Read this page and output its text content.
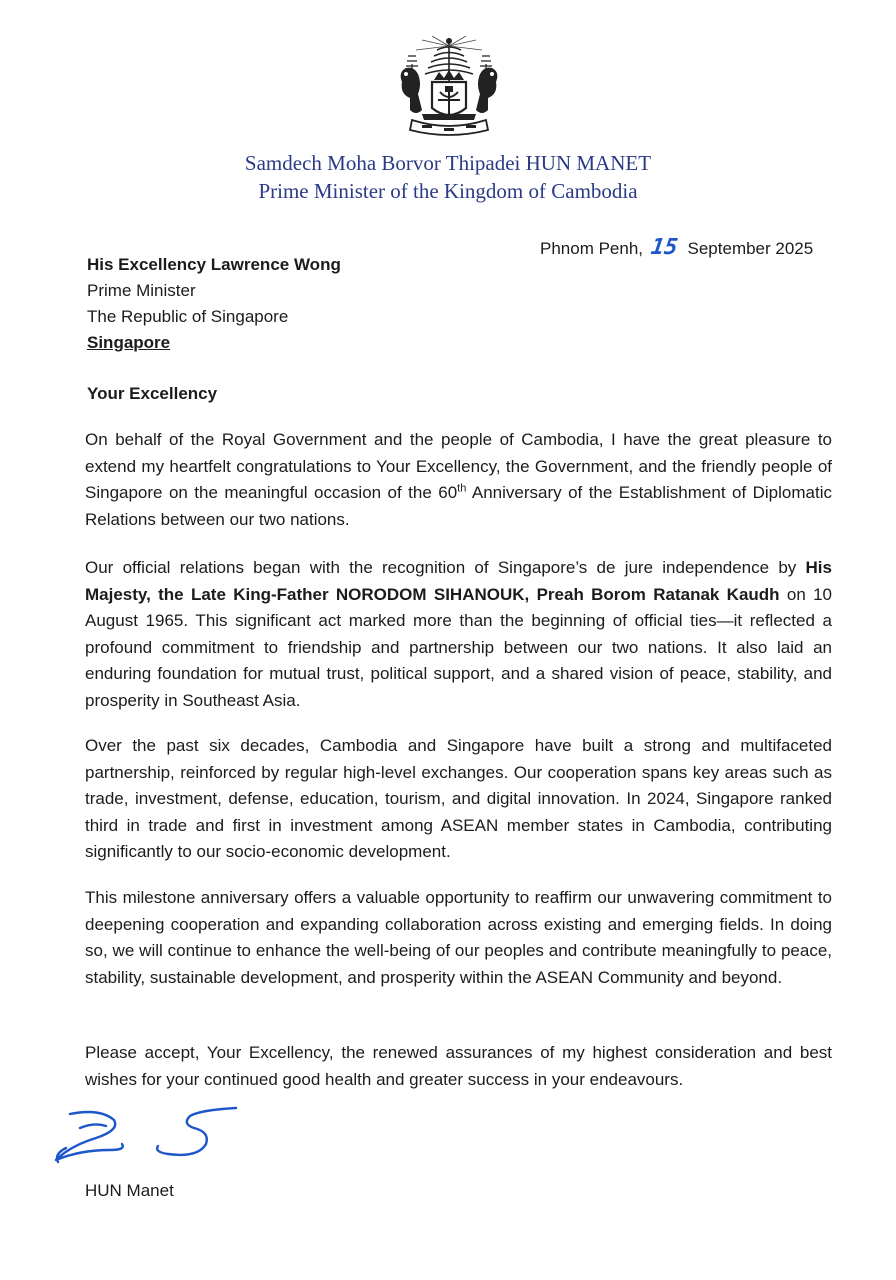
Samdech Moha Borvor Thipadei HUN MANET
Prime Minister of the Kingdom of Cambodia
Phnom Penh, 15 September 2025
His Excellency Lawrence Wong
Prime Minister
The Republic of Singapore
Singapore
Your Excellency

On behalf of the Royal Government and the people of Cambodia, I have the great pleasure to extend my heartfelt congratulations to Your Excellency, the Government, and the friendly people of Singapore on the meaningful occasion of the 60th Anniversary of the Establishment of Diplomatic Relations between our two nations.

Our official relations began with the recognition of Singapore’s de jure independence by His Majesty, the Late King-Father NORODOM SIHANOUK, Preah Borom Ratanak Kaudh on 10 August 1965. This significant act marked more than the beginning of official ties—it reflected a profound commitment to friendship and partnership between our two nations. It also laid an enduring foundation for mutual trust, political support, and a shared vision of peace, stability, and prosperity in Southeast Asia.

Over the past six decades, Cambodia and Singapore have built a strong and multifaceted partnership, reinforced by regular high-level exchanges. Our cooperation spans key areas such as trade, investment, defense, education, tourism, and digital innovation. In 2024, Singapore ranked third in trade and first in investment among ASEAN member states in Cambodia, contributing significantly to our socio-economic development.

This milestone anniversary offers a valuable opportunity to reaffirm our unwavering commitment to deepening cooperation and expanding collaboration across existing and emerging fields. In doing so, we will continue to enhance the well-being of our peoples and contribute meaningfully to peace, stability, sustainable development, and prosperity within the ASEAN Community and beyond.

Please accept, Your Excellency, the renewed assurances of my highest consideration and best wishes for your continued good health and greater success in your endeavours.

HUN Manet
